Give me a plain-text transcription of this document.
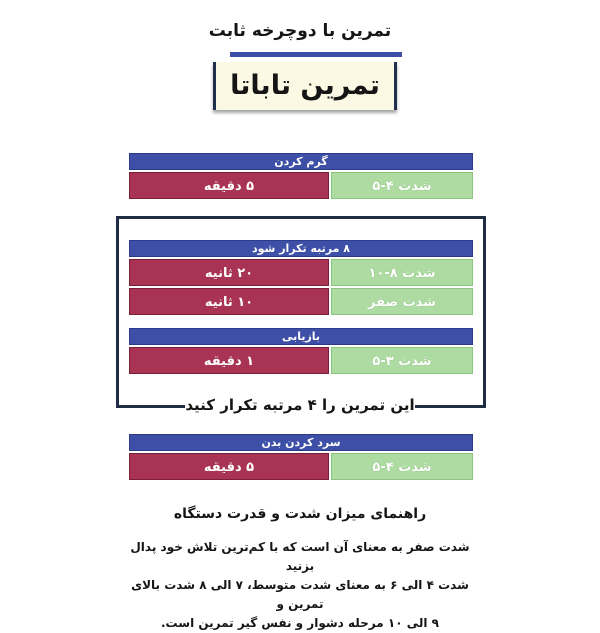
تمرین با دوچرخه ثابت
تمرین تاباتا
گرم کردن
۵ دقیقه	شدت ۴-۵
۸ مرتبه تکرار شود
۲۰ ثانیه	شدت ۸-۱۰
۱۰ ثانیه	شدت صفر
بازیابی
۱ دقیقه	شدت ۳-۵
این تمرین را ۴ مرتبه تکرار کنید
سرد کردن بدن
۵ دقیقه	شدت ۴-۵
راهنمای میزان شدت و قدرت دستگاه
شدت صفر به معنای آن است که با کم‌ترین تلاش خود پدال بزنید
شدت ۴ الی ۶ به معنای شدت متوسط، ۷ الی ۸ شدت بالای تمرین و
۹ الی ۱۰ مرحله دشوار و نفس گیر تمرین است.
